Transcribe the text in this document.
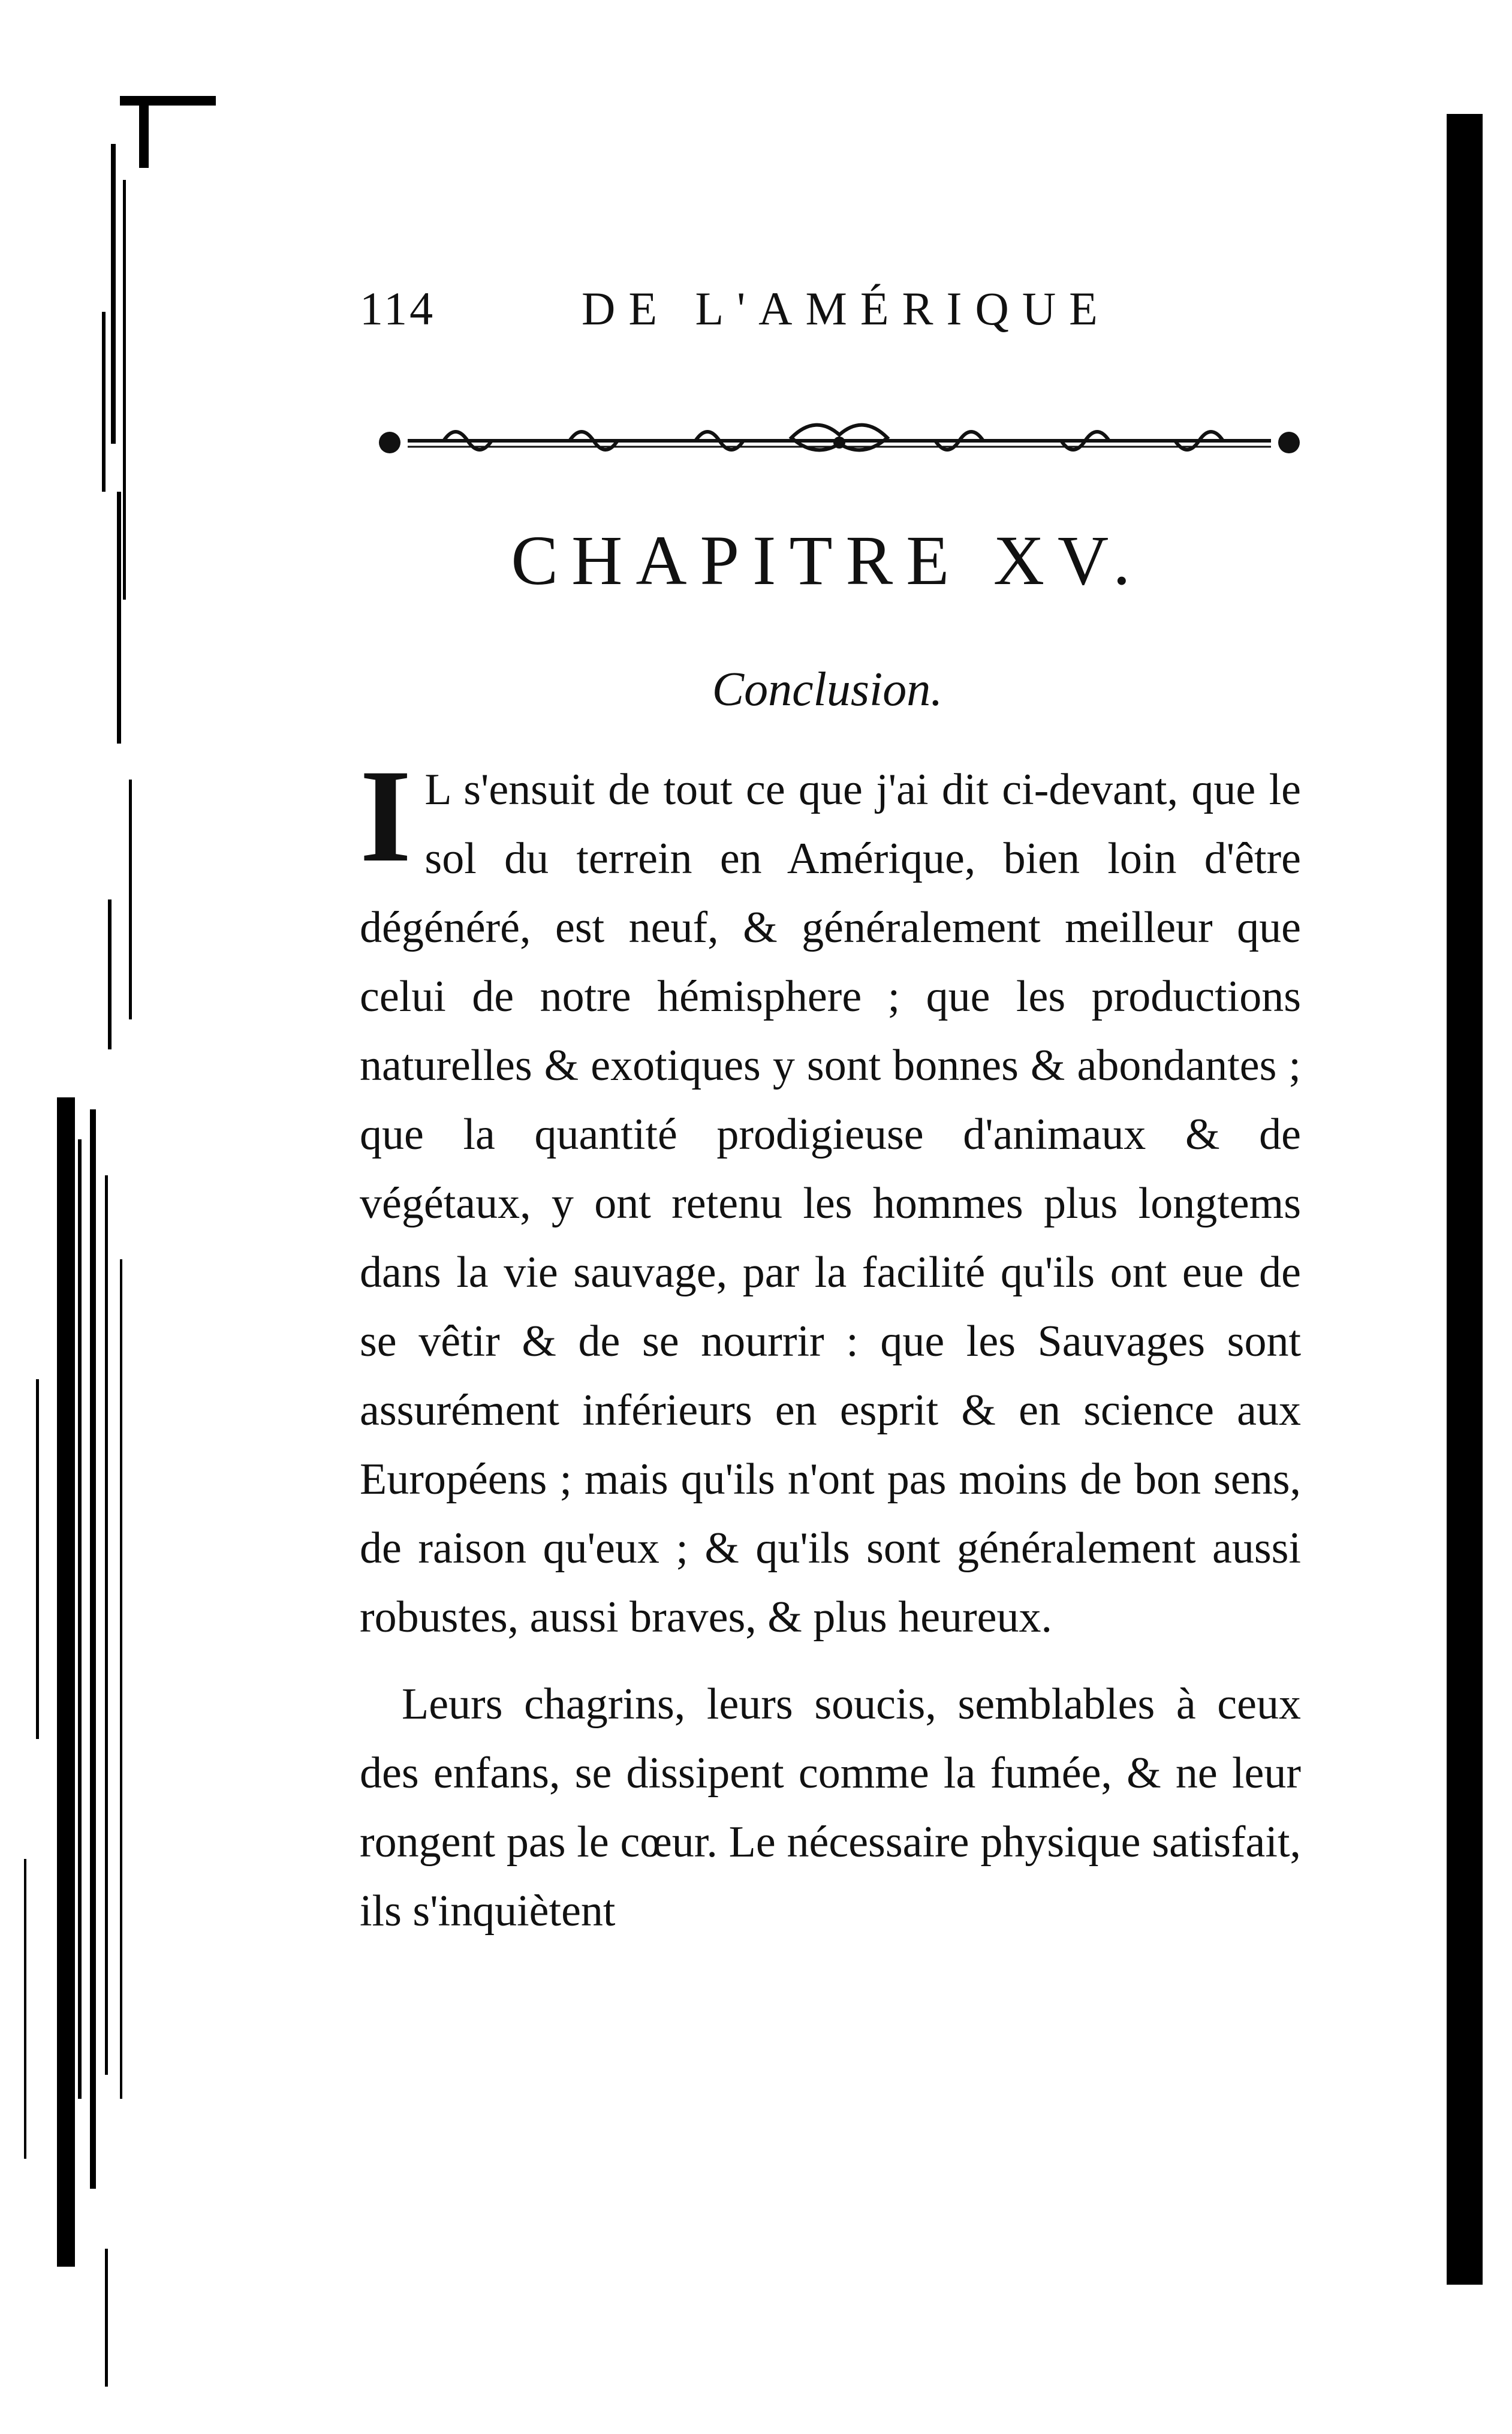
114	DE L'AMÉRIQUE
CHAPITRE XV.
Conclusion.

I L s'ensuit de tout ce que j'ai dit ci-devant, que le sol du terrein en Amérique, bien loin d'être dégénéré, est neuf, & généralement meilleur que celui de notre hémisphere ; que les productions naturelles & exotiques y sont bonnes & abondantes ; que la quantité prodigieuse d'animaux & de végétaux, y ont retenu les hommes plus longtems dans la vie sauvage, par la facilité qu'ils ont eue de se vêtir & de se nourrir : que les Sauvages sont assurément inférieurs en esprit & en science aux Européens ; mais qu'ils n'ont pas moins de bon sens, de raison qu'eux ; & qu'ils sont généralement aussi robustes, aussi braves, & plus heureux.

Leurs chagrins, leurs soucis, semblables à ceux des enfans, se dissipent comme la fumée, & ne leur rongent pas le cœur. Le nécessaire physique satisfait, ils s'inquiètent
